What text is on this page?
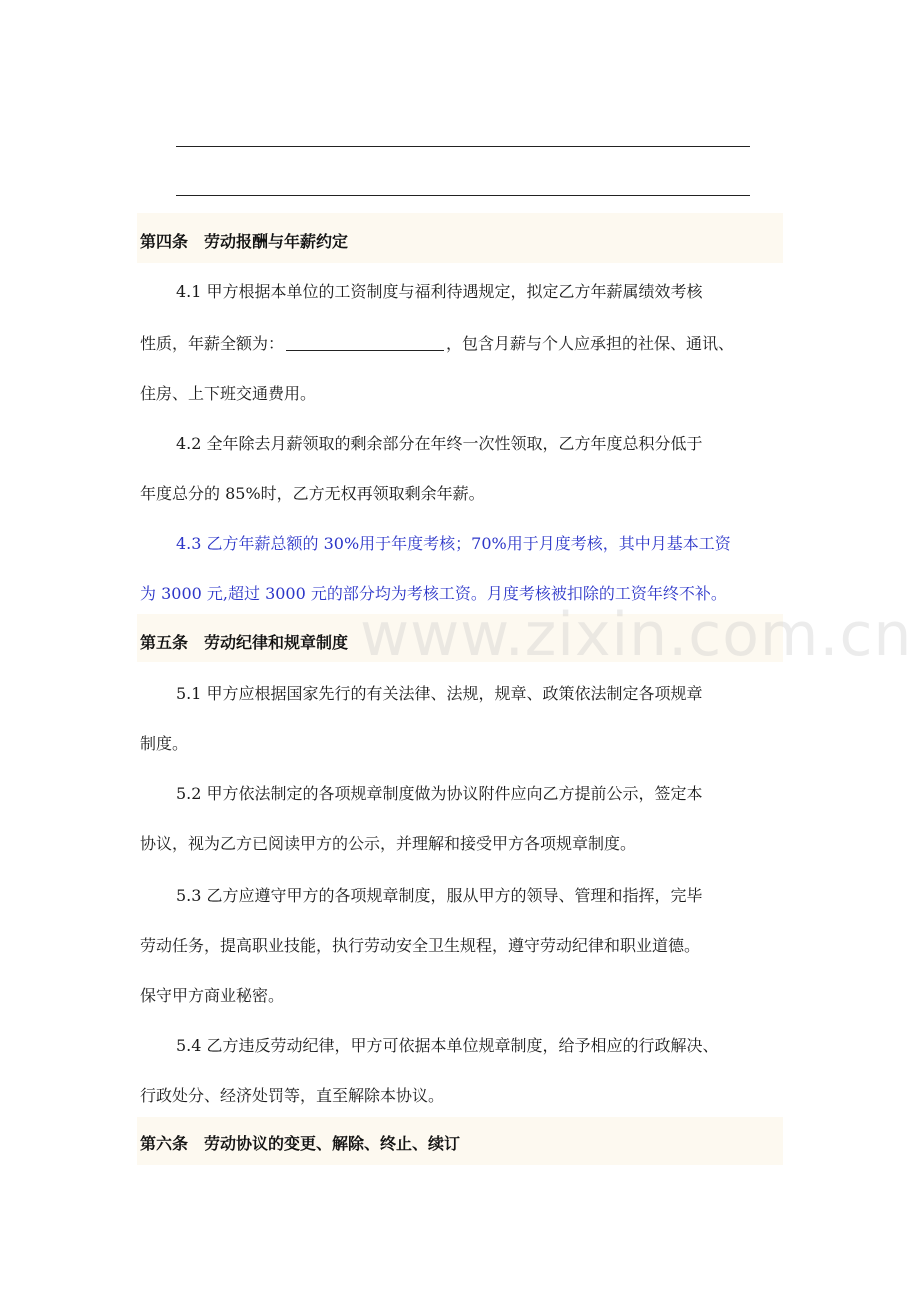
第四条　劳动报酬与年薪约定
4.1 甲方根据本单位的工资制度与福利待遇规定，拟定乙方年薪属绩效考核
性质，年薪全额为：	，包含月薪与个人应承担的社保、通讯、
住房、上下班交通费用。
4.2 全年除去月薪领取的剩余部分在年终一次性领取，乙方年度总积分低于
年度总分的 85%时，乙方无权再领取剩余年薪。
4.3 乙方年薪总额的 30%用于年度考核；70%用于月度考核，其中月基本工资
为 3000 元,超过 3000 元的部分均为考核工资。月度考核被扣除的工资年终不补。
www.zixin.com.cn
第五条　劳动纪律和规章制度
5.1 甲方应根据国家先行的有关法律、法规，规章、政策依法制定各项规章
制度。
5.2 甲方依法制定的各项规章制度做为协议附件应向乙方提前公示，签定本
协议，视为乙方已阅读甲方的公示，并理解和接受甲方各项规章制度。
5.3 乙方应遵守甲方的各项规章制度，服从甲方的领导、管理和指挥，完毕
劳动任务，提高职业技能，执行劳动安全卫生规程，遵守劳动纪律和职业道德。
保守甲方商业秘密。
5.4 乙方违反劳动纪律，甲方可依据本单位规章制度，给予相应的行政解决、
行政处分、经济处罚等，直至解除本协议。
第六条　劳动协议的变更、解除、终止、续订
